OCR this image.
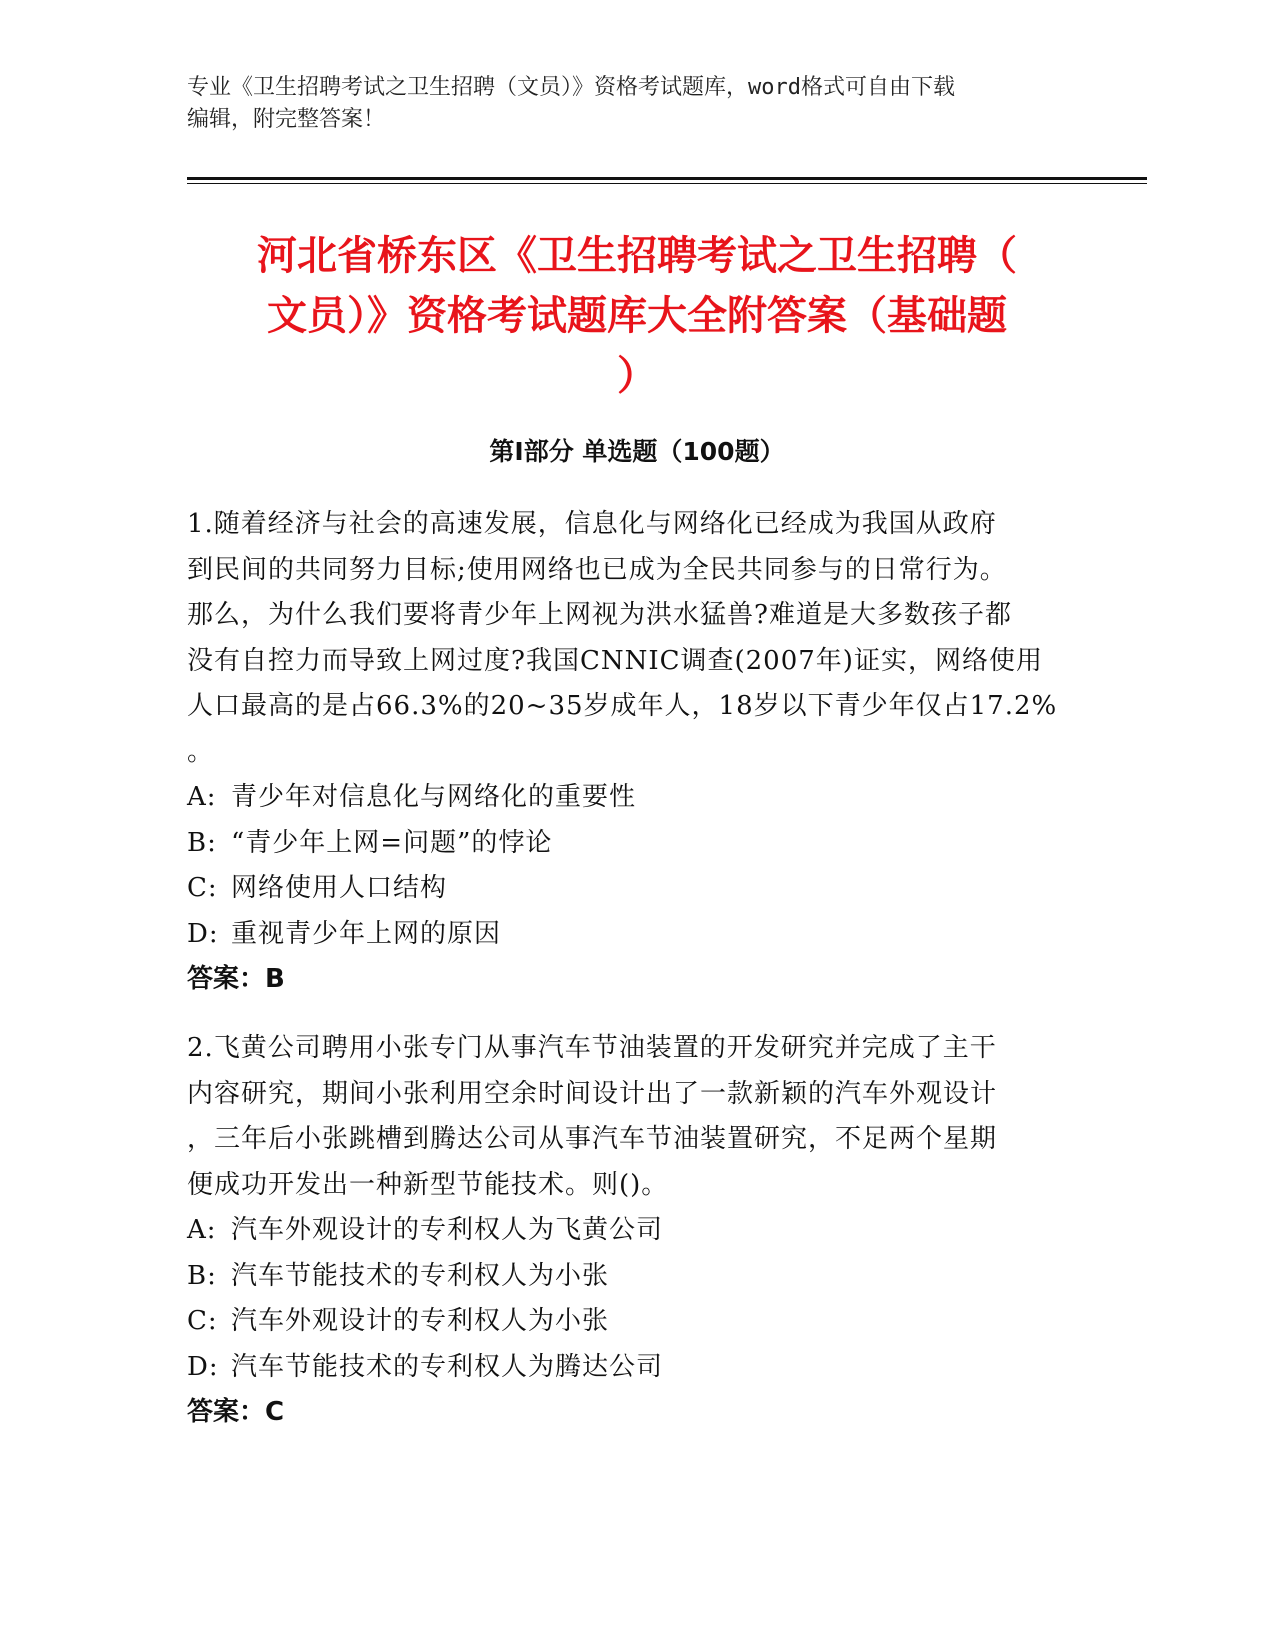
专业《卫生招聘考试之卫生招聘（文员）》资格考试题库，word格式可自由下载
编辑，附完整答案！
河北省桥东区《卫生招聘考试之卫生招聘（
文员）》资格考试题库大全附答案（基础题
）
第I部分 单选题（100题）
1.随着经济与社会的高速发展，信息化与网络化已经成为我国从政府
到民间的共同努力目标;使用网络也已成为全民共同参与的日常行为。
那么，为什么我们要将青少年上网视为洪水猛兽?难道是大多数孩子都
没有自控力而导致上网过度?我国CNNIC调查(2007年)证实，网络使用
人口最高的是占66.3%的20~35岁成年人，18岁以下青少年仅占17.2%
。
A: 青少年对信息化与网络化的重要性
B: “青少年上网=问题”的悖论
C: 网络使用人口结构
D: 重视青少年上网的原因
答案：B
2.飞黄公司聘用小张专门从事汽车节油装置的开发研究并完成了主干
内容研究，期间小张利用空余时间设计出了一款新颖的汽车外观设计
，三年后小张跳槽到腾达公司从事汽车节油装置研究，不足两个星期
便成功开发出一种新型节能技术。则()。
A: 汽车外观设计的专利权人为飞黄公司
B: 汽车节能技术的专利权人为小张
C: 汽车外观设计的专利权人为小张
D: 汽车节能技术的专利权人为腾达公司
答案：C
